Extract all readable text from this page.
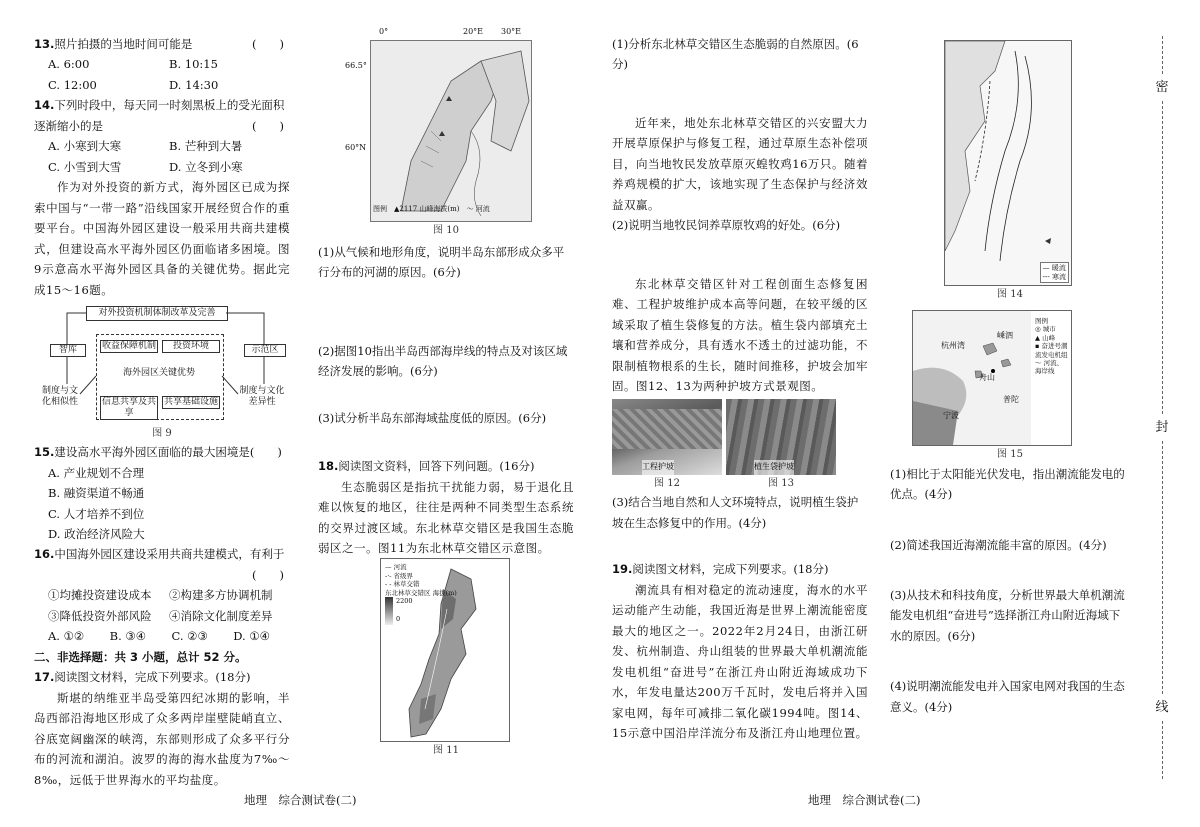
13.照片拍摄的当地时间可能是	(　　)

A. 6:00	B. 10:15
C. 12:00	D. 14:30

14.下列时段中，每天同一时刻黑板上的受光面积逐渐缩小的是	(　　)

A. 小寒到大寒	B. 芒种到大暑
C. 小雪到大雪	D. 立冬到小寒

作为对外投资的新方式，海外园区已成为探索中国与“一带一路”沿线国家开展经贸合作的重要平台。中国海外园区建设一般采用共商共建模式，但建设高水平海外园区仍面临诸多困境。图9示意高水平海外园区具备的关键优势。据此完成15～16题。

对外投资机制体制改革及完善
智库	示范区
收益保障机制	投资环境
海外园区关键优势
信息共享及共享
共享基础设施
制度与文化相似性
制度与文化差异性
图 9

15.建设高水平海外园区面临的最大困境是(　　)

A. 产业规划不合理
B. 融资渠道不畅通
C. 人才培养不到位
D. 政治经济风险大

16.中国海外园区建设采用共商共建模式，有利于

(　　)

①均摊投资建设成本	②构建多方协调机制
③降低投资外部风险	④消除文化制度差异
A. ①② B. ③④ C. ②③ D. ①④

二、非选择题：共 3 小题，总计 52 分。

17.阅读图文材料，完成下列要求。(18分)

斯堪的纳维亚半岛受第四纪冰期的影响，半岛西部沿海地区形成了众多两岸崖壁陡峭直立、谷底宽阔幽深的峡湾，东部则形成了众多平行分布的河流和湖泊。波罗的海的海水盐度为7‰～8‰，远低于世界海水的平均盐度。

0°	20°E 30°E
66.5°
60°N
图例　▲2117 山峰海拔(m)　～ 河流

图 10

(1)从气候和地形角度，说明半岛东部形成众多平行分布的河湖的原因。(6分)

(2)据图10指出半岛西部海岸线的特点及对该区域经济发展的影响。(6分)

(3)试分析半岛东部海域盐度低的原因。(6分)

18.阅读图文资料，回答下列问题。(16分)

生态脆弱区是指抗干扰能力弱，易于退化且难以恢复的地区，往往是两种不同类型生态系统的交界过渡区域。东北林草交错区是我国生态脆弱区之一。图11为东北林草交错区示意图。

— 河流
-·- 省级界
- - 林草交错
东北林草交错区 海拔(m)
2200
0

图 11

(1)分析东北林草交错区生态脆弱的自然原因。(6分)

近年来，地处东北林草交错区的兴安盟大力开展草原保护与修复工程，通过草原生态补偿项目，向当地牧民发放草原灭蝗牧鸡16万只。随着养鸡规模的扩大，该地实现了生态保护与经济效益双赢。

(2)说明当地牧民饲养草原牧鸡的好处。(6分)

东北林草交错区针对工程创面生态修复困难、工程护坡维护成本高等问题，在较平缓的区域采取了植生袋修复的方法。植生袋内部填充土壤和营养成分，具有透水不透土的过滤功能，不限制植物根系的生长，随时间推移，护坡会加牢固。图12、13为两种护坡方式景观图。

工程护坡

图 12

植生袋护坡

图 13

(3)结合当地自然和人文环境特点，说明植生袋护坡在生态修复中的作用。(4分)

19.阅读图文材料，完成下列要求。(18分)

潮流具有相对稳定的流动速度，海水的水平运动能产生动能，我国近海是世界上潮流能密度最大的地区之一。2022年2月24日，由浙江研发、杭州制造、舟山组装的世界最大单机潮流能发电机组“奋进号”在浙江舟山附近海域成功下水，年发电量达200万千瓦时，发电后将并入国家电网，每年可减排二氧化碳1994吨。图14、15示意中国沿岸洋流分布及浙江舟山地理位置。

— 暖流
--- 寒流

图 14

杭州湾
舟山
宁波
嵊泗
普陀
图例
◎ 城市
▲ 山峰
▪ 奋进号潮流发电机组
～ 河流、海岸线

图 15

(1)相比于太阳能光伏发电，指出潮流能发电的优点。(4分)

(2)简述我国近海潮流能丰富的原因。(4分)

(3)从技术和科技角度，分析世界最大单机潮流能发电机组“奋进号”选择浙江舟山附近海域下水的原因。(6分)

(4)说明潮流能发电并入国家电网对我国的生态意义。(4分)

密
封
线
地理　综合测试卷(二)	地理　综合测试卷(二)
